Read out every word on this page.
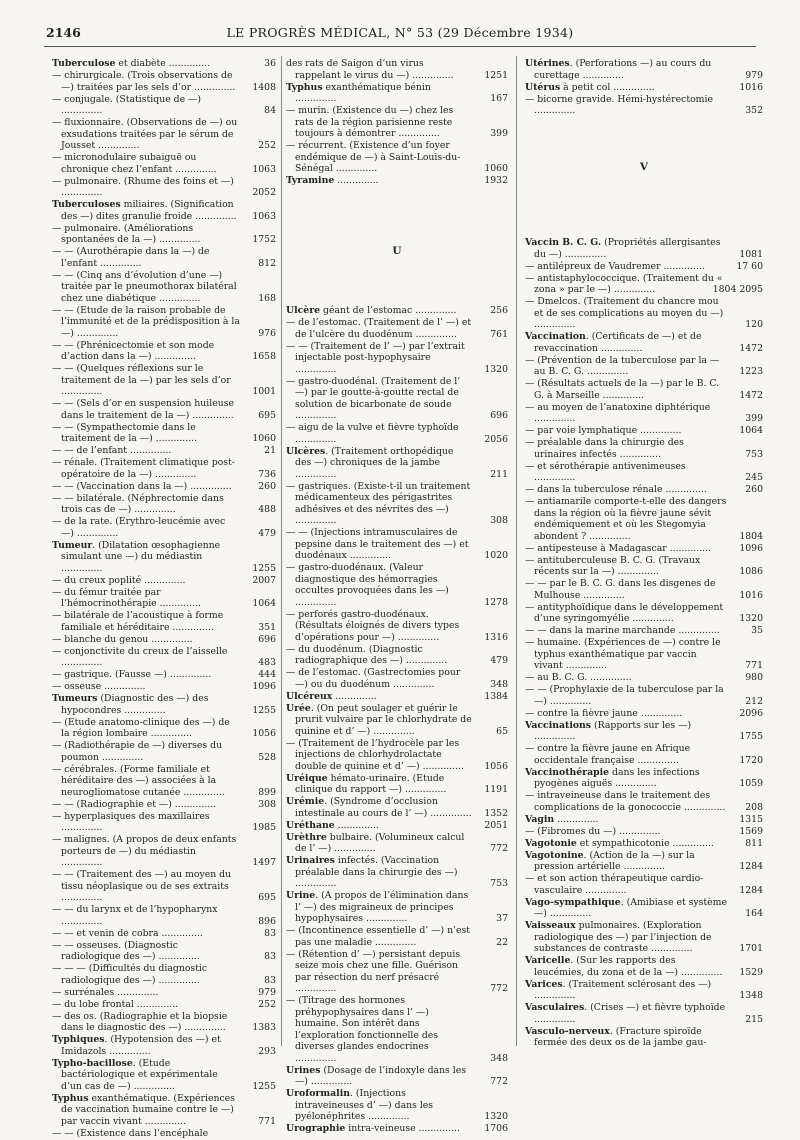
2146	LE PROGRÈS MÉDICAL, N° 53 (29 Décembre 1934)
Tuberculose et diabète ..............	36
— chirurgicale. (Trois observations de —) traitées par les sels d’or .............. 1408
— conjugale. (Statistique de —) ..............	84
— fluxionnaire. (Observations de —) ou exsudations traitées par le sérum de Jousset ..............	252
— micronodulaire subaiguë ou chronique chez l’enfant ..............	1063
— pulmonaire. (Rhume des foins et —) ..............	2052
Tuberculoses miliaires. (Signification des —) dites granulie froide .............. 1063
— pulmonaire. (Améliorations spontanées de la —) ..............	1752
— — (Aurothérapie dans la —) de l’enfant ..............	812
— — (Cinq ans d’évolution d’une —) traitée par le pneumothorax bilatéral chez une diabétique ..............	168
— — (Etude de la raison probable de l’immunité et de la prédisposition à la —) ..............	976
— — (Phrénicectomie et son mode d’action dans la —) ..............	1658
— — (Quelques réflexions sur le traitement de la —) par les sels d’or ..............	1001
— — (Sels d’or en suspension huileuse dans le traitement de la —) ..............	695
— — (Sympathectomie dans le traitement de la —) ..............	1060
— — de l’enfant ..............	21
— rénale. (Traitement climatique post-opératoire de la —) ..............	736
— — (Vaccination dans la —) ..............	260
— — bilatérale. (Néphrectomie dans trois cas de —) ..............	488
— de la rate. (Erythro-leucémie avec —) ..............	479
Tumeur. (Dilatation œsophagienne simulant une —) du médiastin ..............	1255
— du creux poplité ..............	2007
— du fémur traitée par l’hémocrinothérapie ..............	1064
— bilatérale de l’acoustique à forme familiale et héréditaire ..............	351
— blanche du genou ..............	696
— conjonctivite du creux de l’aisselle ..............	483
— gastrique. (Fausse —) ..............	444
— osseuse ..............	1096
Tumeurs (Diagnostic des —) des hypocondres ..............	1255
— (Etude anatomo-clinique des —) de la région lombaire ..............	1056
— (Radiothérapie de —) diverses du poumon ..............	528
— cérébrales. (Forme familiale et héréditaire des —) associées à la neurogliomatose cutanée ..............	899
— — (Radiographie et —) ..............	308
— hyperplasiques des maxillaires ..............	1985
— malignes. (A propos de deux enfants porteurs de —) du médiastin ..............	1497
— — (Traitement des —) au moyen du tissu néoplasique ou de ses extraits ..............	695
— — du larynx et de l’hypopharynx ..............	896
— — et venin de cobra ..............	83
— — osseuses. (Diagnostic radiologique des —) ..............	83
— — — (Difficultés du diagnostic radiologique des —) ..............	83
— surrénales ..............	979
— du lobe frontal ..............	252
— des os. (Radiographie et la biopsie dans le diagnostic des —) ..............	1383
Typhiques. (Hypotension des —) et Imidazols ..............	293
Typho-bacillose. (Etude bactériologique et expérimentale d’un cas de —) ..............	1255
Typhus exanthématique. (Expériences de vaccination humaine contre le —) par vaccin vivant ..............	771
— — (Existence dans l’encéphale
des rats de Saigon d’un virus rappelant le virus du —) ..............	1251
Typhus exanthématique bénin ..............	167
— murin. (Existence du —) chez les rats de la région parisienne reste toujours à démontrer ..............	399
— récurrent. (Existence d’un foyer endémique de —) à Saint-Louis-du-Sénégal ..............	1060
Tyramine ..............	1932
U
Ulcère géant de l’estomac ..............	256
— de l’estomac. (Traitement de l’ —) et de l’ulcère du duodénum ..............	761
— — (Traitement de l’ —) par l’extrait injectable post-hypophysaire ..............	1320
— gastro-duodénal. (Traitement de l’ —) par le goutte-à-goutte rectal de solution de bicarbonate de soude ..............	696
— aigu de la vulve et fièvre typhoïde ..............	2056
Ulcères. (Traitement orthopédique des —) chroniques de la jambe ..............	211
— gastriques. (Existe-t-il un traitement médicamenteux des périgastrites adhésives et des névrites des —) ..............	308
— — (Injections intramusculaires de pepsine dans le traitement des —) et duodénaux ..............	1020
— gastro-duodénaux. (Valeur diagnostique des hémorragies occultes provoquées dans les —) ..............	1278
— perforés gastro-duodénaux. (Résultats éloignés de divers types d’opérations pour —) ..............	1316
— du duodénum. (Diagnostic radiographique des —) ..............	479
— de l’estomac. (Gastrectomies pour —) ou du duodénum ..............	348
Ulcéreux ..............	1384
Urée. (On peut soulager et guérir le prurit vulvaire par le chlorhydrate de quinine et d’ —) ..............	65
— (Traitement de l’hydrocèle par les injections de chlorhydrolactate double de quinine et d’ —) .............. 1056
Uréique hémato-urinaire. (Etude clinique du rapport —) ..............	1191
Urémie. (Syndrome d’occlusion intestinale au cours de l’ —) .............. 1352
Uréthane ..............	2051
Urèthre bulbaire. (Volumineux calcul de l’ —) ..............	772
Urinaires infectés. (Vaccination préalable dans la chirurgie des —) ..............	753
Urine. (A propos de l’élimination dans l’ —) des migraineux de principes hypophysaires ..............	37
— (Incontinence essentielle d’ —) n’est pas une maladie ..............	22
— (Rétention d’ —) persistant depuis seize mois chez une fille. Guérison par résection du nerf présacré ..............	772
— (Titrage des hormones préhypophysaires dans l’ —) humaine. Son intérêt dans l’exploration fonctionnelle des diverses glandes endocrines ..............	348
Urines (Dosage de l’indoxyle dans les —) ..............	772
Uroformalin. (Injections intraveineuses d’ —) dans les pyélonéphrites ..............	1320
Urographie intra-veineuse ..............	1706
Utérines. (Perforations —) au cours du curettage ..............	979
Utérus à petit col ..............	1016
— bicorne gravide. Hémi-hystérectomie ..............	352
V
Vaccin B. C. G. (Propriétés allergisantes du —) ..............	1081
— antilépreux de Vaudremer ..............	17 60
— antistaphylococcique. (Traitement du « zona » par le —) ..............	1804 2095
— Dmelcos. (Traitement du chancre mou et de ses complications au moyen du —) ..............	120
Vaccination. (Certificats de —) et de revaccination ..............	1472
— (Prévention de la tuberculose par la — au B. C. G. ..............	1223
— (Résultats actuels de la —) par le B. C. G. à Marseille ..............	1472
— au moyen de l’anatoxine diphtérique ..............	399
— par voie lymphatique ..............	1064
— préalable dans la chirurgie des urinaires infectés ..............	753
— et sérothérapie antivenimeuses ..............	245
— dans la tuberculose rénale ..............	260
— antiamarile comporte-t-elle des dangers dans la région où la fièvre jaune sévit endémiquement et où les Stegomyia abondent ? ..............	1804
— antipesteuse à Madagascar ..............	1096
— antituberculeuse B. C. G. (Travaux récents sur la —) ..............	1086
— — par le B. C. G. dans les disgenes de Mulhouse ..............	1016
— antityphoïdique dans le développement d’une syringomyélie ..............	1320
— — dans la marine marchande ..............	35
— humaine. (Expériences de —) contre le typhus exanthématique par vaccin vivant ..............	771
— au B. C. G. ..............	980
— — (Prophylaxie de la tuberculose par la —) ..............	212
— contre la fièvre jaune ..............	2096
Vaccinations (Rapports sur les —) ..............	1755
— contre la fièvre jaune en Afrique occidentale française ..............	1720
Vaccinothérapie dans les infections pyogènes aiguës ..............	1059
— intraveineuse dans le traitement des complications de la gonococcie .............. 208
Vagin ..............	1315
— (Fibromes du —) ..............	1569
Vagotonie et sympathicotonie ..............	811
Vagotonine. (Action de la —) sur la pression artérielle ..............	1284
— et son action thérapeutique cardio-vasculaire ..............	1284
Vago-sympathique. (Amibiase et système —) ..............	164
Vaisseaux pulmonaires. (Exploration radiologique des —) par l’injection de substances de contraste ..............	1701
Varicelle. (Sur les rapports des leucémies, du zona et de la —) .............. 1529
Varices. (Traitement sclérosant des —) ..............	1348
Vasculaires. (Crises —) et fièvre typhoïde ..............	215
Vasculo-nerveux. (Fracture spiroïde fermée des deux os de la jambe gau-
